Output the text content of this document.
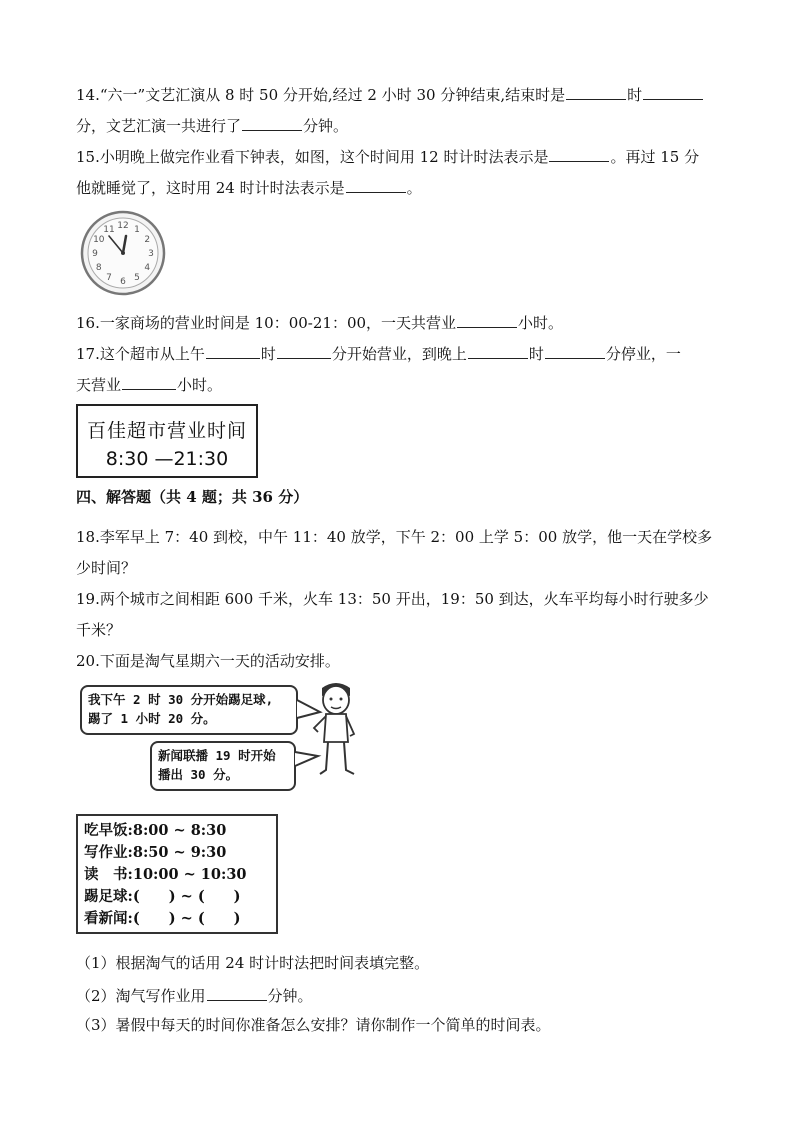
14.“六一”文艺汇演从 8 时 50 分开始,经过 2 小时 30 分钟结束,结束时是	时
分，文艺汇演一共进行了	分钟。
15.小明晚上做完作业看下钟表，如图，这个时间用 12 时计时法表示是	。再过 15 分
他就睡觉了，这时用 24 时计时法表示是	。
12 1
2
3
4
5
6
7
8
9
10
11
16.一家商场的营业时间是 10：00-21：00，一天共营业	小时。
17.这个超市从上午	时	分开始营业，到晚上	时	分停业，一
天营业	小时。
百佳超市营业时间
8:30 —21:30
四、解答题（共 4 题；共 36 分）
18.李军早上 7：40 到校，中午 11：40 放学，下午 2：00 上学 5：00 放学，他一天在学校多
少时间？
19.两个城市之间相距 600 千米，火车 13：50 开出，19：50 到达，火车平均每小时行驶多少
千米？
20.下面是淘气星期六一天的活动安排。
我下午 2 时 30 分开始踢足球,
踢了 1 小时 20 分。
新闻联播 19 时开始
播出 30 分。
吃早饭:8:00 ~ 8:30
写作业:8:50 ~ 9:30
读　书:10:00 ~ 10:30
踢足球:(　　) ~ (　　)
看新闻:(　　) ~ (　　)
（1）根据淘气的话用 24 时计时法把时间表填完整。
（2）淘气写作业用	分钟。
（3）暑假中每天的时间你准备怎么安排？请你制作一个简单的时间表。
